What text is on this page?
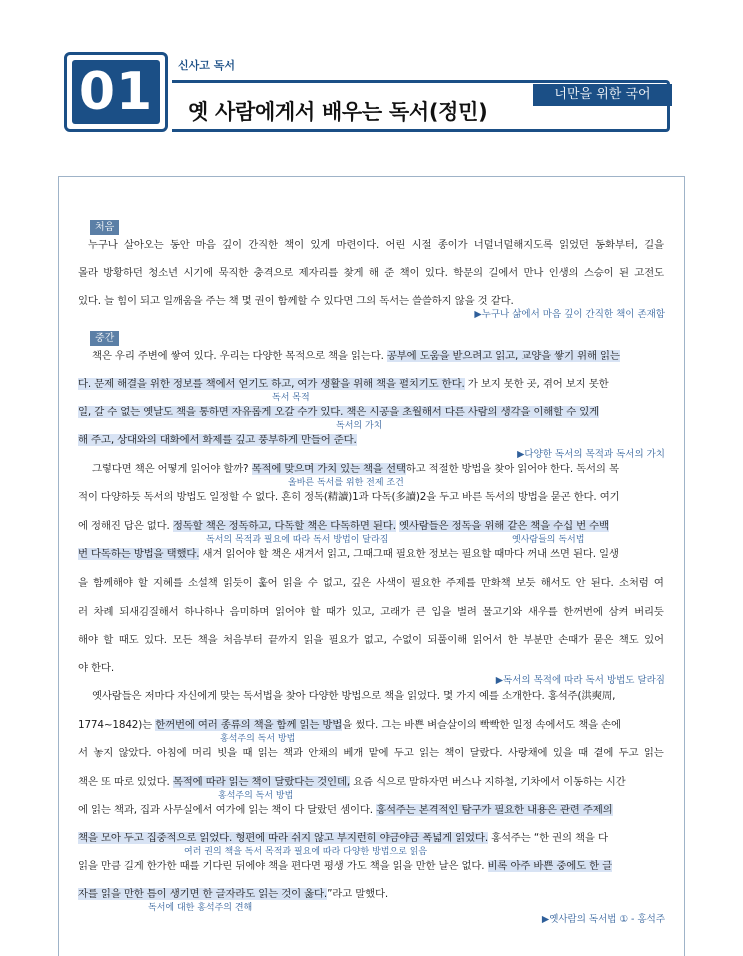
01	신사고 독서
옛 사람에게서 배우는 독서(정민)
너만을 위한 국어
처음
누구나 살아오는 동안 마음 깊이 간직한 책이 있게 마련이다. 어린 시절 종이가 너덜너덜해지도록 읽었던 동화부터, 길을
몰라 방황하던 청소년 시기에 묵직한 충격으로 제자리를 찾게 해 준 책이 있다. 학문의 길에서 만나 인생의 스승이 된 고전도
있다. 늘 힘이 되고 일깨움을 주는 책 몇 권이 함께할 수 있다면 그의 독서는 쓸쓸하지 않을 것 같다.
▶누구나 삶에서 마음 깊이 간직한 책이 존재함
중간
책은 우리 주변에 쌓여 있다. 우리는 다양한 목적으로 책을 읽는다. 공부에 도움을 받으려고 읽고, 교양을 쌓기 위해 읽는
다. 문제 해결을 위한 정보를 책에서 얻기도 하고, 여가 생활을 위해 책을 펼치기도 한다. 가 보지 못한 곳, 겪어 보지 못한
독서 목적
일, 갈 수 없는 옛날도 책을 통하면 자유롭게 오갈 수가 있다. 책은 시공을 초월해서 다른 사람의 생각을 이해할 수 있게
독서의 가치
해 주고, 상대와의 대화에서 화제를 깊고 풍부하게 만들어 준다.
▶다양한 독서의 목적과 독서의 가치
그렇다면 책은 어떻게 읽어야 할까? 목적에 맞으며 가치 있는 책을 선택하고 적절한 방법을 찾아 읽어야 한다. 독서의 목
올바른 독서를 위한 전제 조건
적이 다양하듯 독서의 방법도 일정할 수 없다. 흔히 정독(精讀)1과 다독(多讀)2을 두고 바른 독서의 방법을 묻곤 한다. 여기
에 정해진 답은 없다. 정독할 책은 정독하고, 다독할 책은 다독하면 된다. 옛사람들은 정독을 위해 같은 책을 수십 번 수백
독서의 목적과 필요에 따라 독서 방법이 달라짐	옛사람들의 독서법
번 다독하는 방법을 택했다. 새겨 읽어야 할 책은 새겨서 읽고, 그때그때 필요한 정보는 필요할 때마다 꺼내 쓰면 된다. 일생
을 함께해야 할 지혜를 소설책 읽듯이 훑어 읽을 수 없고, 깊은 사색이 필요한 주제를 만화책 보듯 해서도 안 된다. 소처럼 여
러 차례 되새김질해서 하나하나 음미하며 읽어야 할 때가 있고, 고래가 큰 입을 벌려 물고기와 새우를 한꺼번에 삼켜 버리듯
해야 할 때도 있다. 모든 책을 처음부터 끝까지 읽을 필요가 없고, 수없이 되풀이해 읽어서 한 부분만 손때가 묻은 책도 있어
야 한다.
▶독서의 목적에 따라 독서 방법도 달라짐
옛사람들은 저마다 자신에게 맞는 독서법을 찾아 다양한 방법으로 책을 읽었다. 몇 가지 예를 소개한다. 홍석주(洪奭周,
1774~1842)는 한꺼번에 여러 종류의 책을 함께 읽는 방법을 썼다. 그는 바쁜 벼슬살이의 빡빡한 일정 속에서도 책을 손에
홍석주의 독서 방법
서 놓지 않았다. 아침에 머리 빗을 때 읽는 책과 안채의 베개 맡에 두고 읽는 책이 달랐다. 사랑채에 있을 때 곁에 두고 읽는
책은 또 따로 있었다. 목적에 따라 읽는 책이 달랐다는 것인데, 요즘 식으로 말하자면 버스나 지하철, 기차에서 이동하는 시간
홍석주의 독서 방법
에 읽는 책과, 집과 사무실에서 여가에 읽는 책이 다 달랐던 셈이다. 홍석주는 본격적인 탐구가 필요한 내용은 관련 주제의
책을 모아 두고 집중적으로 읽었다. 형편에 따라 쉬지 않고 부지런히 야금야금 폭넓게 읽었다. 홍석주는 “한 권의 책을 다
여러 권의 책을 독서 목적과 필요에 따라 다양한 방법으로 읽음
읽을 만큼 길게 한가한 때를 기다린 뒤에야 책을 편다면 평생 가도 책을 읽을 만한 날은 없다. 비록 아주 바쁜 중에도 한 글
자를 읽을 만한 틈이 생기면 한 글자라도 읽는 것이 옳다.”라고 말했다.
독서에 대한 홍석주의 견해
▶옛사람의 독서법 ① - 홍석주
